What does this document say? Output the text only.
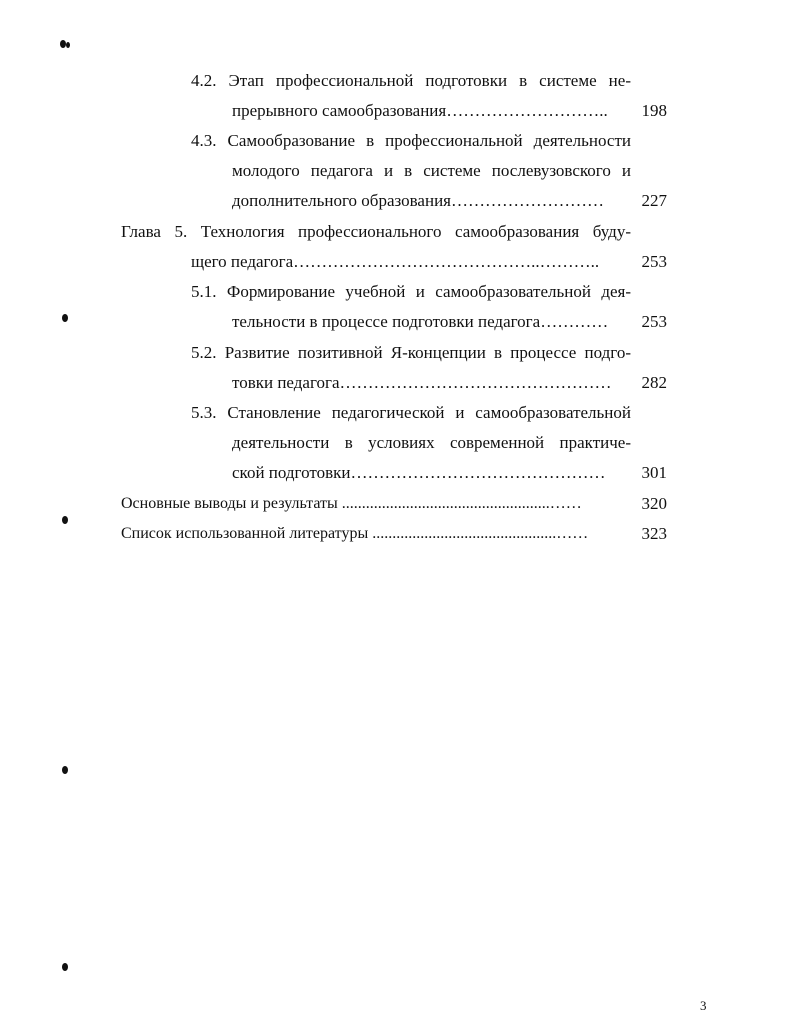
4.2. Этап профессиональной подготовки в системе не-
прерывного самообразования………………………..	198
4.3. Самообразование в профессиональной деятельности
молодого педагога и в системе послевузовского и
дополнительного образования………………………	227
Глава 5. Технология профессионального самообразования буду-
щего педагога……………………………………..………..	253
5.1. Формирование учебной и самообразовательной дея-
тельности в процессе подготовки педагога…………	253
5.2. Развитие позитивной Я-концепции в процессе подго-
товки педагога…………………………………………	282
5.3. Становление педагогической и самообразовательной
деятельности в условиях современной практиче-
ской подготовки………………………………………	301
Основные выводы и результаты ....................................................……	320
Список использованной литературы ..............................................……	323
3
